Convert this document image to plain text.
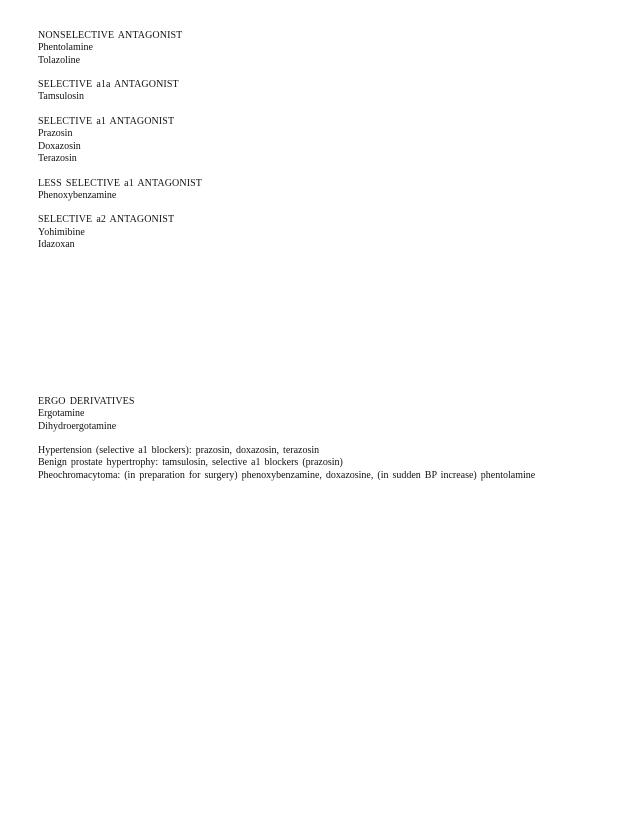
NONSELECTIVE ANTAGONIST
Phentolamine
Tolazoline
SELECTIVE a1a ANTAGONIST
Tamsulosin
SELECTIVE a1 ANTAGONIST
Prazosin
Doxazosin
Terazosin
LESS SELECTIVE a1 ANTAGONIST
Phenoxybenzamine
SELECTIVE a2 ANTAGONIST
Yohimibine
Idazoxan
ERGO DERIVATIVES
Ergotamine
Dihydroergotamine
Hypertension (selective a1 blockers): prazosin, doxazosin, terazosin
Benign prostate hypertrophy: tamsulosin, selective a1 blockers (prazosin)
Pheochromacytoma: (in preparation for surgery) phenoxybenzamine, doxazosine, (in sudden BP increase) phentolamine
